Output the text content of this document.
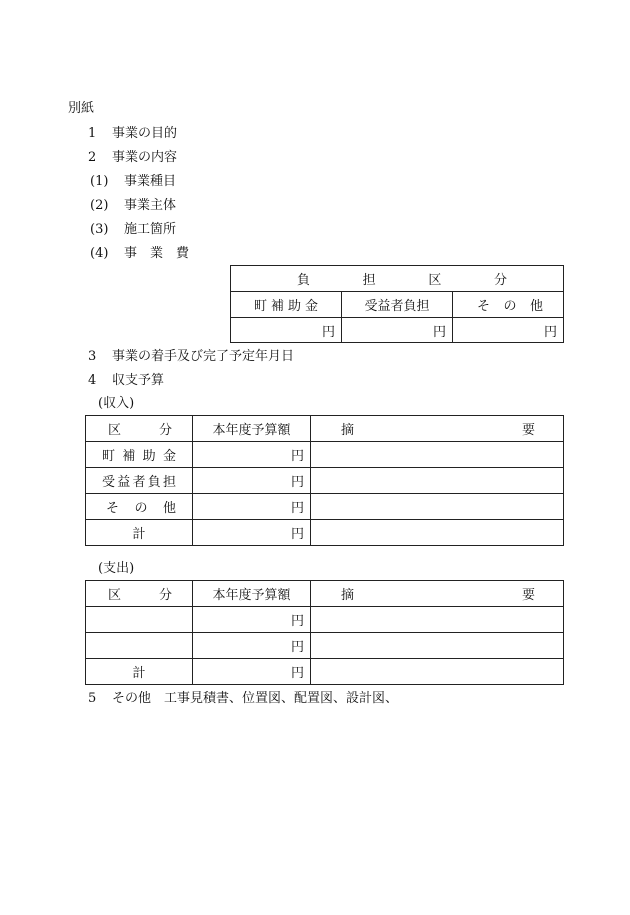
別紙
1 事業の目的
2 事業の内容
(1) 事業種目
(2) 事業主体
(3) 施工箇所
(4) 事　業　費
負 担 区 分		

町 補 助 金	受益者負担	そ の 他

円	円	円
3 事業の着手及び完了予定年月日
4 収支予算
(収入)
区 分	本年度予算額	摘 要

町 補 助 金	円	

受 益 者 負 担	円	

そ の 他	円	
計	円	
(支出)
区 分	本年度予算額	摘 要

	円	
	円	
計	円	
5 その他　工事見積書、位置図、配置図、設計図、
